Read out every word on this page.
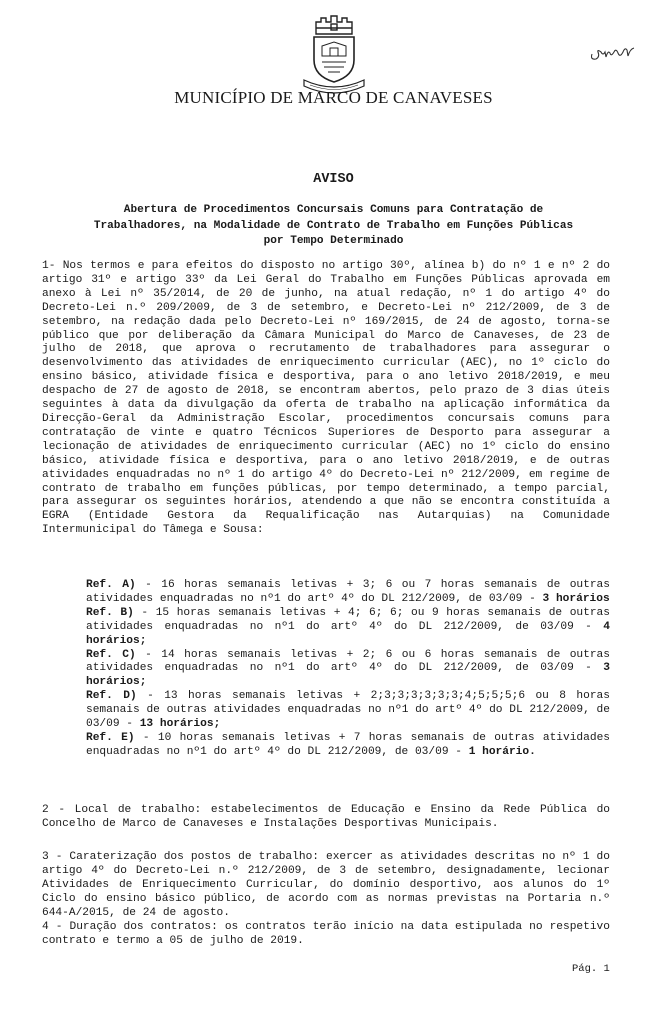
MUNICÍPIO DE MARCO DE CANAVESES
AVISO
Abertura de Procedimentos Concursais Comuns para Contratação de
Trabalhadores, na Modalidade de Contrato de Trabalho em Funções Públicas
por Tempo Determinado

1- Nos termos e para efeitos do disposto no artigo 30º, alínea b) do nº 1 e nº 2 do artigo 31º e artigo 33º da Lei Geral do Trabalho em Funções Públicas aprovada em anexo à Lei nº 35/2014, de 20 de junho, na atual redação, nº 1 do artigo 4º do Decreto-Lei n.º 209/2009, de 3 de setembro, e Decreto-Lei nº 212/2009, de 3 de setembro, na redação dada pelo Decreto-Lei nº 169/2015, de 24 de agosto, torna-se público que por deliberação da Câmara Municipal do Marco de Canaveses, de 23 de julho de 2018, que aprova o recrutamento de trabalhadores para assegurar o desenvolvimento das atividades de enriquecimento curricular (AEC), no 1º ciclo do ensino básico, atividade física e desportiva, para o ano letivo 2018/2019, e meu despacho de 27 de agosto de 2018, se encontram abertos, pelo prazo de 3 dias úteis seguintes à data da divulgação da oferta de trabalho na aplicação informática da Direcção-Geral da Administração Escolar, procedimentos concursais comuns para contratação de vinte e quatro Técnicos Superiores de Desporto para assegurar a lecionação de atividades de enriquecimento curricular (AEC) no 1º ciclo do ensino básico, atividade física e desportiva, para o ano letivo 2018/2019, e de outras atividades enquadradas no nº 1 do artigo 4º do Decreto-Lei nº 212/2009, em regime de contrato de trabalho em funções públicas, por tempo determinado, a tempo parcial, para assegurar os seguintes horários, atendendo a que não se encontra constituída a EGRA (Entidade Gestora da Requalificação nas Autarquias) na Comunidade Intermunicipal do Tâmega e Sousa:

Ref. A) - 16 horas semanais letivas + 3; 6 ou 7 horas semanais de outras atividades enquadradas no nº1 do artº 4º do DL 212/2009, de 03/09 - 3 horários

Ref. B) - 15 horas semanais letivas + 4; 6; 6; ou 9 horas semanais de outras atividades enquadradas no nº1 do artº 4º do DL 212/2009, de 03/09 - 4 horários;

Ref. C) - 14 horas semanais letivas + 2; 6 ou 6 horas semanais de outras atividades enquadradas no nº1 do artº 4º do DL 212/2009, de 03/09 - 3 horários;

Ref. D) - 13 horas semanais letivas + 2;3;3;3;3;3;3;4;5;5;5;6 ou 8 horas semanais de outras atividades enquadradas no nº1 do artº 4º do DL 212/2009, de 03/09 - 13 horários;

Ref. E) - 10 horas semanais letivas + 7 horas semanais de outras atividades enquadradas no nº1 do artº 4º do DL 212/2009, de 03/09 - 1 horário.

2 - Local de trabalho: estabelecimentos de Educação e Ensino da Rede Pública do Concelho de Marco de Canaveses e Instalações Desportivas Municipais.

3 - Caraterização dos postos de trabalho: exercer as atividades descritas no nº 1 do artigo 4º do Decreto-Lei n.º 212/2009, de 3 de setembro, designadamente, lecionar Atividades de Enriquecimento Curricular, do domínio desportivo, aos alunos do 1º Ciclo do ensino básico público, de acordo com as normas previstas na Portaria n.º 644-A/2015, de 24 de agosto.

4 - Duração dos contratos: os contratos terão início na data estipulada no respetivo contrato e termo a 05 de julho de 2019.

Pág. 1
